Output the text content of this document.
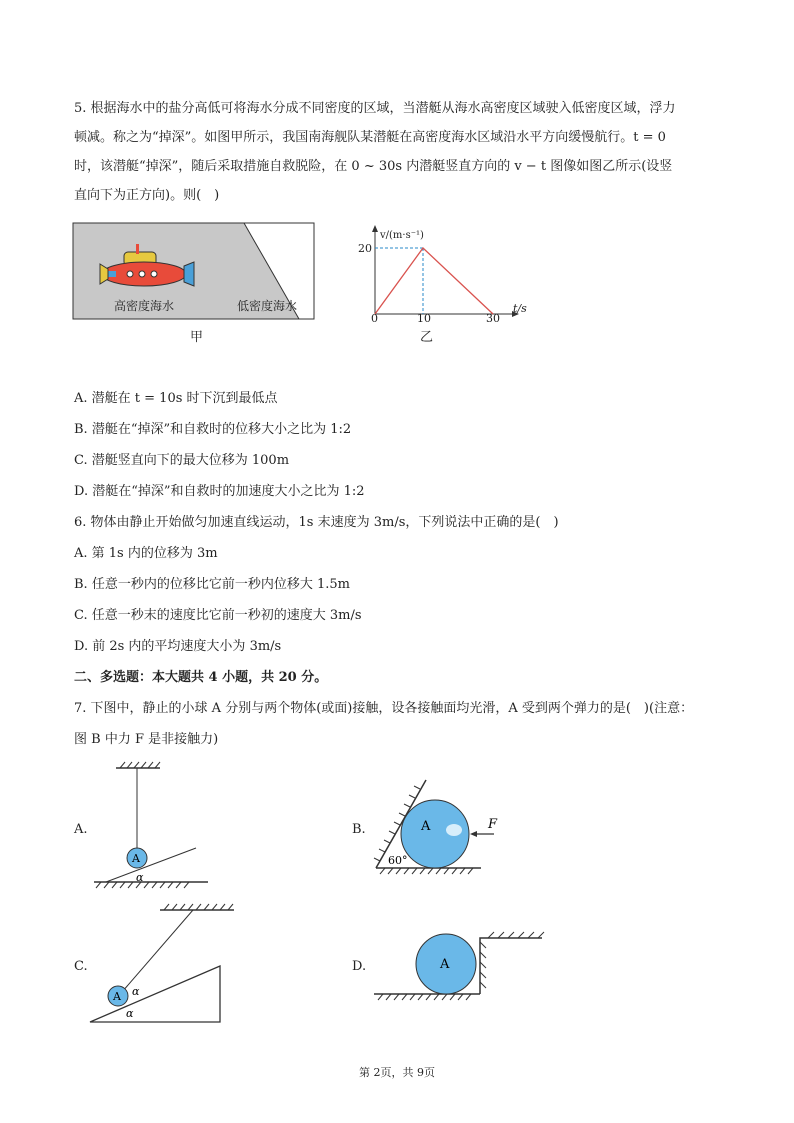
5. 根据海水中的盐分高低可将海水分成不同密度的区域，当潜艇从海水高密度区域驶入低密度区域，浮力
顿减。称之为“掉深”。如图甲所示，我国南海舰队某潜艇在高密度海水区域沿水平方向缓慢航行。t = 0
时，该潜艇“掉深”，随后采取措施自救脱险，在 0 ~ 30s 内潜艇竖直方向的 v − t 图像如图乙所示(设竖
直向下为正方向)。则(　)
高密度海水	低密度海水
甲
v/(m·s⁻¹)
t/s
20
0	10	30
乙
A. 潜艇在 t = 10s 时下沉到最低点
B. 潜艇在“掉深”和自救时的位移大小之比为 1:2
C. 潜艇竖直向下的最大位移为 100m
D. 潜艇在“掉深”和自救时的加速度大小之比为 1:2
6. 物体由静止开始做匀加速直线运动，1s 末速度为 3m/s，下列说法中正确的是(　)
A. 第 1s 内的位移为 3m
B. 任意一秒内的位移比它前一秒内位移大 1.5m
C. 任意一秒末的速度比它前一秒初的速度大 3m/s
D. 前 2s 内的平均速度大小为 3m/s
二、多选题：本大题共 4 小题，共 20 分。
7. 下图中，静止的小球 A 分别与两个物体(或面)接触，设各接触面均光滑，A 受到两个弹力的是(　)(注意：
图 B 中力 F 是非接触力)
A.
A
α
B.	A	F
60°
C.
A α
α
D.	A
第 2页，共 9页
